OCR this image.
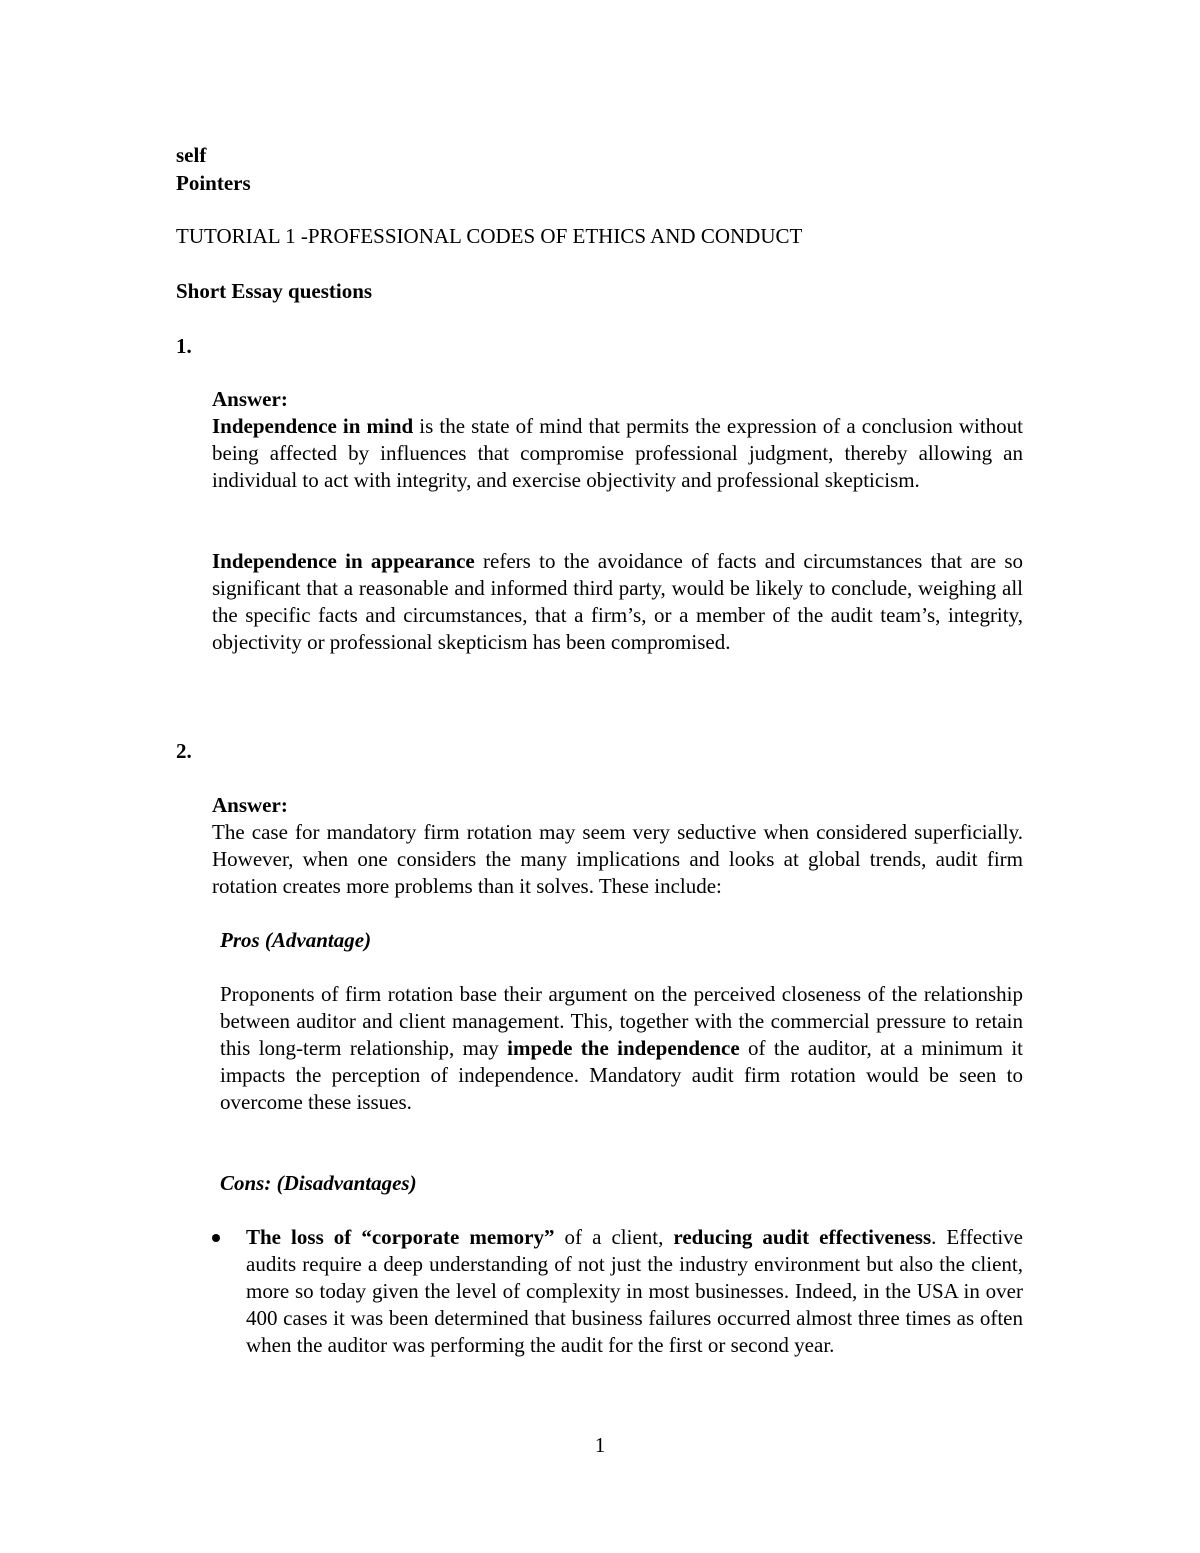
self
Pointers
TUTORIAL 1 -PROFESSIONAL CODES OF ETHICS AND CONDUCT
Short Essay questions
1.
Answer:
Independence in mind is the state of mind that permits the expression of a conclusion without being affected by influences that compromise professional judgment, thereby allowing an individual to act with integrity, and exercise objectivity and professional skepticism.
Independence in appearance refers to the avoidance of facts and circumstances that are so significant that a reasonable and informed third party, would be likely to conclude, weighing all the specific facts and circumstances, that a firm’s, or a member of the audit team’s, integrity, objectivity or professional skepticism has been compromised.
2.
Answer:
The case for mandatory firm rotation may seem very seductive when considered superficially. However, when one considers the many implications and looks at global trends, audit firm rotation creates more problems than it solves. These include:
Pros (Advantage)
Proponents of firm rotation base their argument on the perceived closeness of the relationship between auditor and client management. This, together with the commercial pressure to retain this long-term relationship, may impede the independence of the auditor, at a minimum it impacts the perception of independence. Mandatory audit firm rotation would be seen to overcome these issues.
Cons: (Disadvantages)
The loss of “corporate memory” of a client, reducing audit effectiveness. Effective audits require a deep understanding of not just the industry environment but also the client, more so today given the level of complexity in most businesses. Indeed, in the USA in over 400 cases it was been determined that business failures occurred almost three times as often when the auditor was performing the audit for the first or second year.
1
